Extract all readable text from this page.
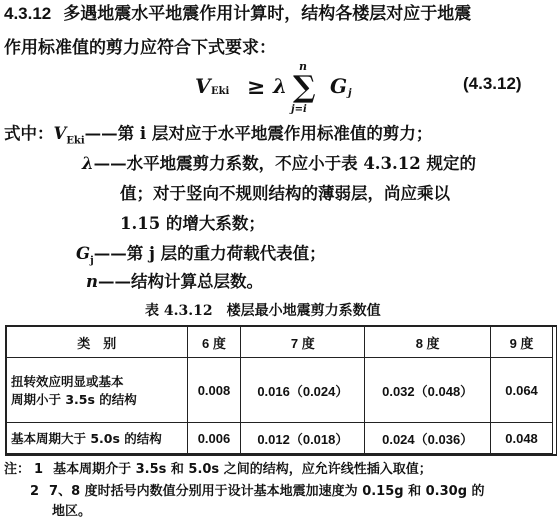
4.3.12 多遇地震水平地震作用计算时，结构各楼层对应于地震
作用标准值的剪力应符合下式要求：
V Eki ≥ λ ∑
n
j=i
G j
(4.3.12)
式中：$V_{Eki}——$第 i 层对应于水平地震作用标准值的剪力；
λ——水平地震剪力系数，不应小于表 4.3.12 规定的
值；对于竖向不规则结构的薄弱层，尚应乘以
1.15 的增大系数；
$G_j——$第 j 层的重力荷载代表值；
n——结构计算总层数。
表 4.3.12　楼层最小地震剪力系数值
类　别	6 度	7 度	8 度	9 度

扭转效应明显或基本
周期小于 3.5s 的结构	0.008	0.016（0.024）	0.032（0.048）	0.064
基本周期大于 5.0s 的结构	0.006	0.012（0.018）	0.024（0.036）	0.048
注： 1 基本周期介于 3.5s 和 5.0s 之间的结构，应允许线性插入取值；
2 7、8 度时括号内数值分别用于设计基本地震加速度为 0.15g 和 0.30g 的
地区。
